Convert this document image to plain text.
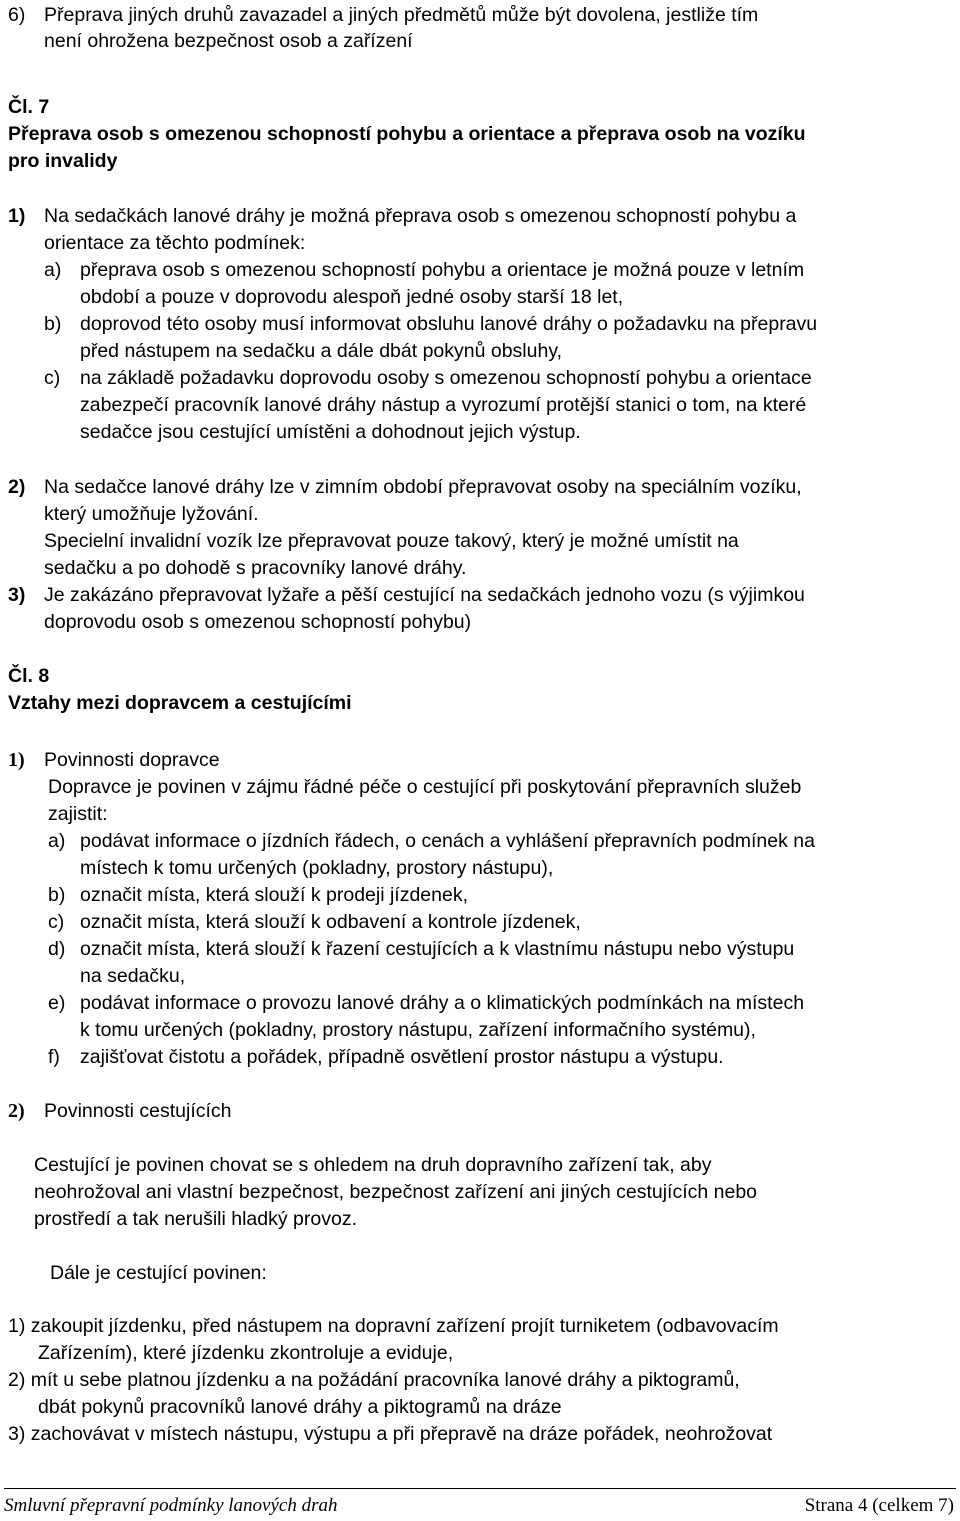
6) Přeprava jiných druhů zavazadel a jiných předmětů může být dovolena, jestliže tím
není ohrožena bezpečnost osob a zařízení
Čl. 7
Přeprava osob s omezenou schopností pohybu a orientace a přeprava osob na vozíku
pro invalidy
1) Na sedačkách lanové dráhy je možná přeprava osob s omezenou schopností pohybu a
orientace za těchto podmínek:
a) přeprava osob s omezenou schopností pohybu a orientace je možná pouze v letním
období a pouze v doprovodu alespoň jedné osoby starší 18 let,
b) doprovod této osoby musí informovat obsluhu lanové dráhy o požadavku na přepravu
před nástupem na sedačku a dále dbát pokynů obsluhy,
c) na základě požadavku doprovodu osoby s omezenou schopností pohybu a orientace
zabezpečí pracovník lanové dráhy nástup a vyrozumí protější stanici o tom, na které
sedačce jsou cestující umístěni a dohodnout jejich výstup.
2) Na sedačce lanové dráhy lze v zimním období přepravovat osoby na speciálním vozíku,
který umožňuje lyžování.
Specielní invalidní vozík lze přepravovat pouze takový, který je možné umístit na
sedačku a po dohodě s pracovníky lanové dráhy.
3) Je zakázáno přepravovat lyžaře a pěší cestující na sedačkách jednoho vozu (s výjimkou
doprovodu osob s omezenou schopností pohybu)
Čl. 8
Vztahy mezi dopravcem a cestujícími
1) Povinnosti dopravce
Dopravce je povinen v zájmu řádné péče o cestující při poskytování přepravních služeb
zajistit:
a) podávat informace o jízdních řádech, o cenách a vyhlášení přepravních podmínek na
místech k tomu určených (pokladny, prostory nástupu),
b) označit místa, která slouží k prodeji jízdenek,
c) označit místa, která slouží k odbavení a kontrole jízdenek,
d) označit místa, která slouží k řazení cestujících a k vlastnímu nástupu nebo výstupu
na sedačku,
e) podávat informace o provozu lanové dráhy a o klimatických podmínkách na místech
k tomu určených (pokladny, prostory nástupu, zařízení informačního systému),
f) zajišťovat čistotu a pořádek, případně osvětlení prostor nástupu a výstupu.
2) Povinnosti cestujících
Cestující je povinen chovat se s ohledem na druh dopravního zařízení tak, aby
neohrožoval ani vlastní bezpečnost, bezpečnost zařízení ani jiných cestujících nebo
prostředí a tak nerušili hladký provoz.
Dále je cestující povinen:
1) zakoupit jízdenku, před nástupem na dopravní zařízení projít turniketem (odbavovacím
Zařízením), které jízdenku zkontroluje a eviduje,
2) mít u sebe platnou jízdenku a na požádání pracovníka lanové dráhy a piktogramů,
dbát pokynů pracovníků lanové dráhy a piktogramů na dráze
3) zachovávat v místech nástupu, výstupu a při přepravě na dráze pořádek, neohrožovat
Smluvní přepravní podmínky lanových drah	Strana 4 (celkem 7)
